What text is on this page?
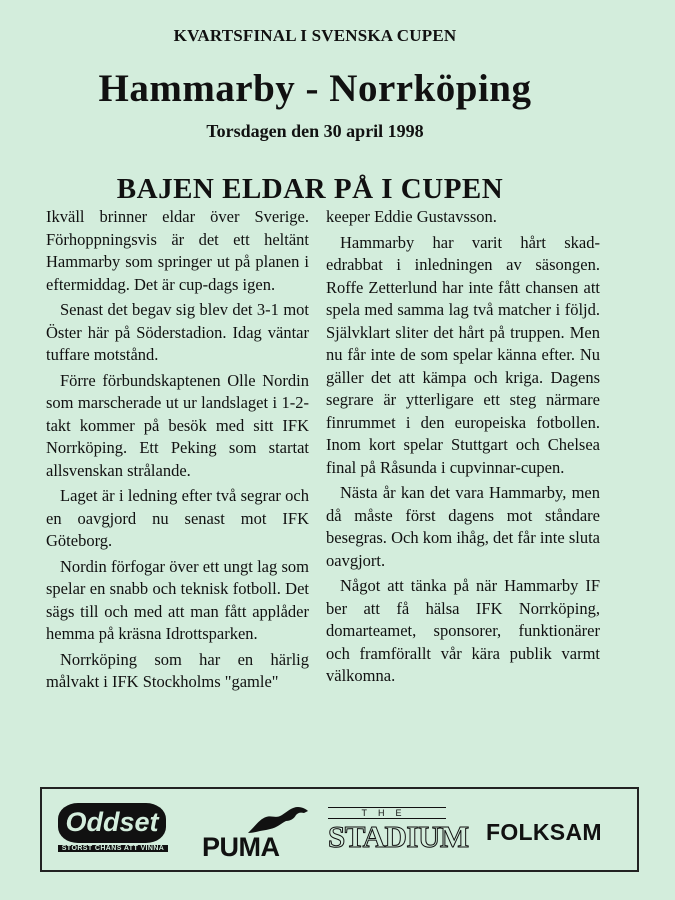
KVARTSFINAL I SVENSKA CUPEN
Hammarby - Norrköping
Torsdagen den 30 april 1998
BAJEN ELDAR PÅ I CUPEN

Ikväll brinner eldar över Sverige. Förhoppningsvis är det ett heltänt Hammarby som springer ut på planen i eftermiddag. Det är cup-dags igen.

Senast det begav sig blev det 3-1 mot Öster här på Söderstadion. Idag väntar tuffare motstånd.

Förre förbundskaptenen Olle Nordin som marscherade ut ur landslaget i 1-2-takt kommer på besök med sitt IFK Norrköping. Ett Peking som startat allsvenskan strålande.

Laget är i ledning efter två segrar och en oavgjord nu senast mot IFK Göteborg.

Nordin förfogar över ett ungt lag som spelar en snabb och teknisk fotboll. Det sägs till och med att man fått applåder hemma på kräsna Idrottsparken.

Norrköping som har en härlig målvakt i IFK Stockholms "gamle"

keeper Eddie Gustavsson.

Hammarby har varit hårt skad-edrabbat i inledningen av säsongen. Roffe Zetterlund har inte fått chansen att spela med samma lag två matcher i följd. Självklart sliter det hårt på truppen. Men nu får inte de som spelar känna efter. Nu gäller det att kämpa och kriga. Dagens segrare är ytterligare ett steg närmare finrummet i den europeiska fotbollen. Inom kort spelar Stuttgart och Chelsea final på Råsunda i cupvinnar-cupen.

Nästa år kan det vara Hammarby, men då måste först dagens mot ståndare besegras. Och kom ihåg, det får inte sluta oavgjort.

Något att tänka på när Hammarby IF ber att få hälsa IFK Norrköping, domarteamet, sponsorer, funktionärer och framförallt vår kära publik varmt välkomna.

Oddset
STÖRST CHANS ATT VINNA PUMA
THE
STADIUM FOLKSAM
